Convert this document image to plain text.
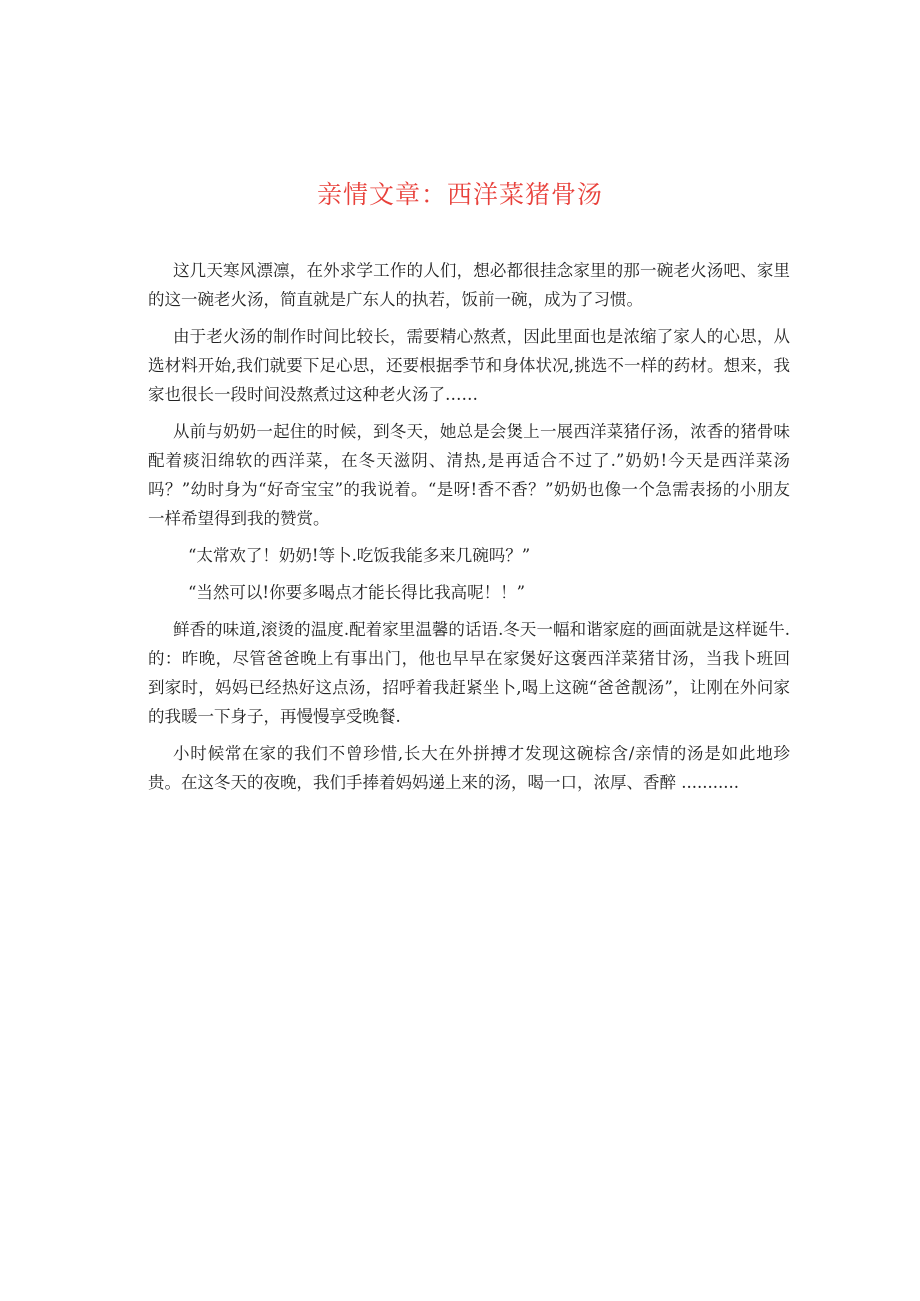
亲情文章：西洋菜猪骨汤

这几天寒风漂凛，在外求学工作的人们，想必都很挂念家里的那一碗老火汤吧、家里的这一碗老火汤，简直就是广东人的执若，饭前一碗，成为了习惯。

由于老火汤的制作时间比较长，需要精心熬煮，因此里面也是浓缩了家人的心思，从选材料开始,我们就要下足心思，还要根据季节和身体状况,挑选不一样的药材。想来，我家也很长一段时间没熬煮过这种老火汤了……

从前与奶奶一起住的时候，到冬天，她总是会煲上一展西洋菜猪仔汤，浓香的猪骨味配着痰汨绵软的西洋菜，在冬天滋阴、清热,是再适合不过了.”奶奶!今天是西洋菜汤吗？”幼时身为“好奇宝宝”的我说着。“是呀!香不香？”奶奶也像一个急需表扬的小朋友一样希望得到我的赞赏。

“太常欢了！奶奶!等卜.吃饭我能多来几碗吗？”

“当然可以!你要多喝点才能长得比我高呢！！”

鲜香的味道,滚烫的温度.配着家里温馨的话语.冬天一幅和谐家庭的画面就是这样诞牛.的：昨晚，尽管爸爸晚上有事出门，他也早早在家煲好这褒西洋菜猪甘汤，当我卜班回到家时，妈妈已经热好这点汤，招呼着我赶紧坐卜,喝上这碗“爸爸靓汤”，让刚在外问家的我暖一下身子，再慢慢享受晚餐.

小时候常在家的我们不曾珍惜,长大在外拼搏才发现这碗棕含/亲情的汤是如此地珍贵。在这冬天的夜晚，我们手捧着妈妈递上来的汤，喝一口，浓厚、香醉 ...........
